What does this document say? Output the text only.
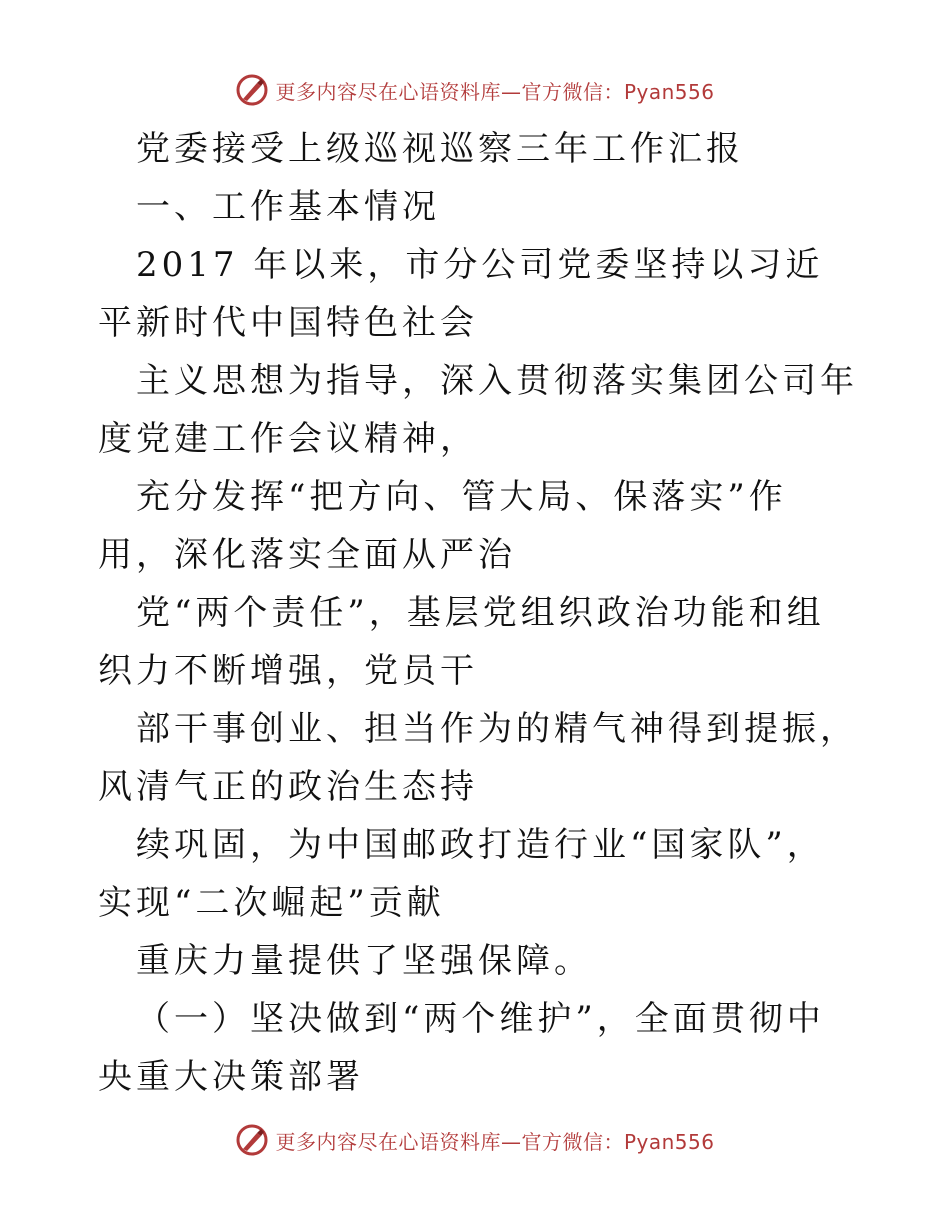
更多内容尽在心语资料库—官方微信：Pyan556

党委接受上级巡视巡察三年工作汇报

一、工作基本情况

2017 年以来，市分公司党委坚持以习近平新时代中国特色社会

主义思想为指导，深入贯彻落实集团公司年度党建工作会议精神，

充分发挥“把方向、管大局、保落实”作用，深化落实全面从严治

党“两个责任”，基层党组织政治功能和组织力不断增强，党员干

部干事创业、担当作为的精气神得到提振，风清气正的政治生态持

续巩固，为中国邮政打造行业“国家队”，实现“二次崛起”贡献

重庆力量提供了坚强保障。

（一）坚决做到“两个维护”，全面贯彻中央重大决策部署

更多内容尽在心语资料库—官方微信：Pyan556
